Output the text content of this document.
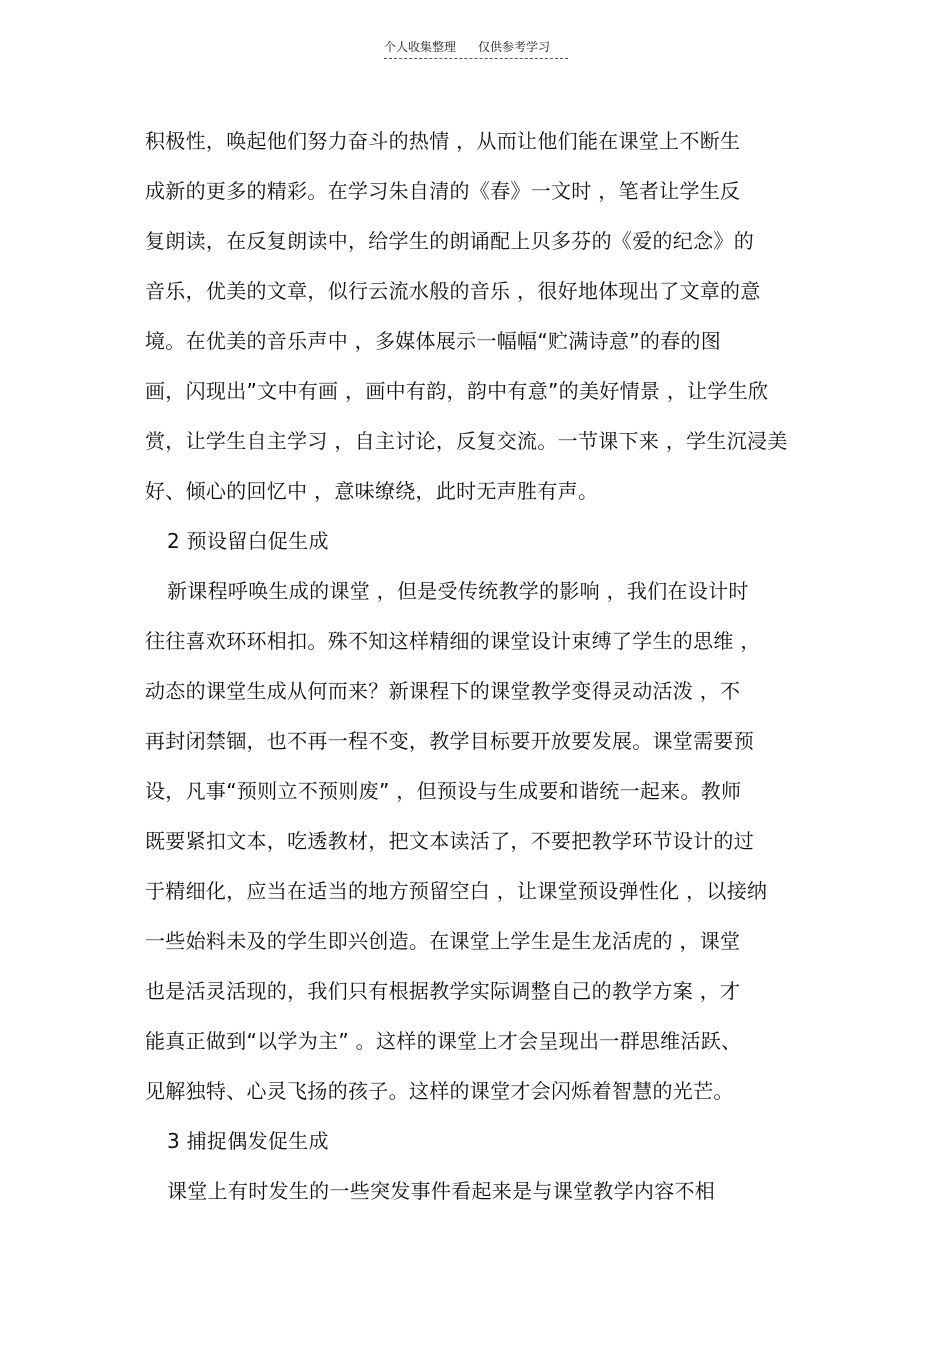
个人收集整理 仅供参考学习
积极性，唤起他们努力奋斗的热情 ，从而让他们能在课堂上不断生
成新的更多的精彩。在学习朱自清的《春》一文时 ，笔者让学生反
复朗读，在反复朗读中，给学生的朗诵配上贝多芬的《爱的纪念》的
音乐，优美的文章，似行云流水般的音乐 ，很好地体现出了文章的意
境。在优美的音乐声中 ，多媒体展示一幅幅“贮满诗意”的春的图
画，闪现出”文中有画 ，画中有韵，韵中有意”的美好情景 ，让学生欣
赏，让学生自主学习 ，自主讨论，反复交流。一节课下来 ，学生沉浸美
好、倾心的回忆中 ，意味缭绕，此时无声胜有声。
2 预设留白促生成
新课程呼唤生成的课堂 ，但是受传统教学的影响 ，我们在设计时
往往喜欢环环相扣。殊不知这样精细的课堂设计束缚了学生的思维 ，
动态的课堂生成从何而来？新课程下的课堂教学变得灵动活泼 ，不
再封闭禁锢，也不再一程不变，教学目标要开放要发展。课堂需要预
设，凡事“预则立不预则废” ，但预设与生成要和谐统一起来。教师
既要紧扣文本，吃透教材，把文本读活了，不要把教学环节设计的过
于精细化，应当在适当的地方预留空白 ，让课堂预设弹性化 ，以接纳
一些始料未及的学生即兴创造。在课堂上学生是生龙活虎的 ，课堂
也是活灵活现的，我们只有根据教学实际调整自己的教学方案 ，才
能真正做到“以学为主” 。这样的课堂上才会呈现出一群思维活跃、
见解独特、心灵飞扬的孩子。这样的课堂才会闪烁着智慧的光芒。
3 捕捉偶发促生成
课堂上有时发生的一些突发事件看起来是与课堂教学内容不相
